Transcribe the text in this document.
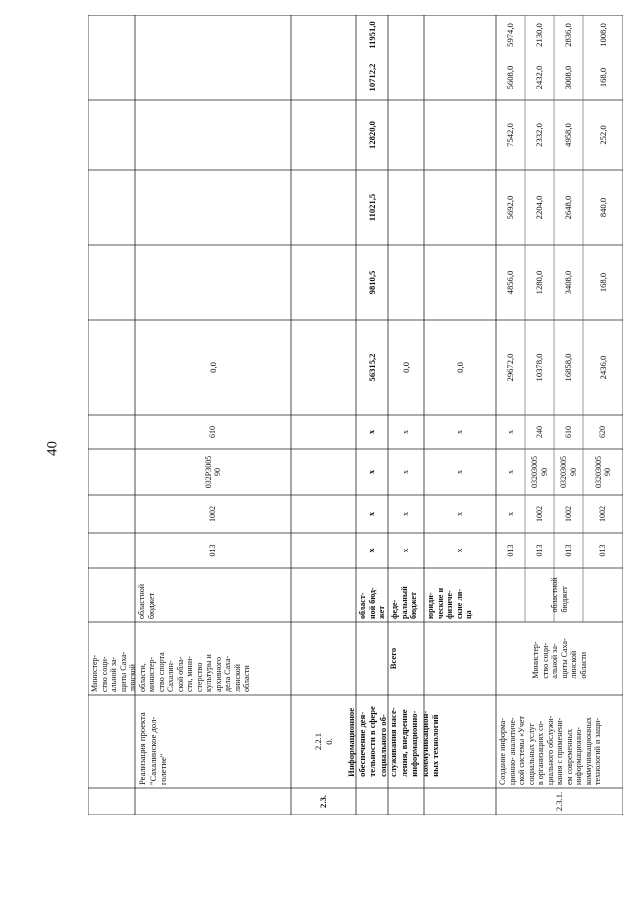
40
2.2.1
0.
2.3.	2.3.1.
Реализация проекта "Сахалинское дол-
голетие"
Министер-
ство соци-
альной за-
щиты Саха-
линской
области,
министер-
ство спорта
Сахалин-
ской обла-
сти, мини-
стерство
культуры и
архивного
дела Саха-
линской
области
областной
бюджет
013
1002
032P3005
90
610
0,0
Информационное
обеспечение дея-
тельности в сфере
социального об-
служивания насе-
ления, внедрение
информационно-
коммуникацион-
ных технологий
Всего
област-
ной бюд-
жет
x
x
x
x
56315,2
9810,5
11021,5
12820,0
10712,2
11951,0
феде-
ральный
бюджет
x
x
x
x
0,0
юриди-
ческие и
физиче-
ские ли-
ца
x
x
x
x
0,0
Создание информа-
ционно- аналитиче-
ской системы «Учет
социальных услуг
в организациях со-
циального обслужи-
вания с применени-
ем современных
информационно-
коммуникационных
технологий и защи-
Министер-
ство соци-
альной за-
щиты Саха-
линской
области
областной
бюджет
013
x
x
x
29672,0
4856,0
5692,0
7542,0
5608,0
5974,0
013
1002
03203005
90
240
10378,0
1280,0
2204,0
2332,0
2432,0
2130,0
013
1002
03203005
90
610
16858,0
3408,0
2648,0
4958,0
3008,0
2836,0
013
1002
03203005
90
620
2436,0
168,0
840,0
252,0
168,0
1008,0
